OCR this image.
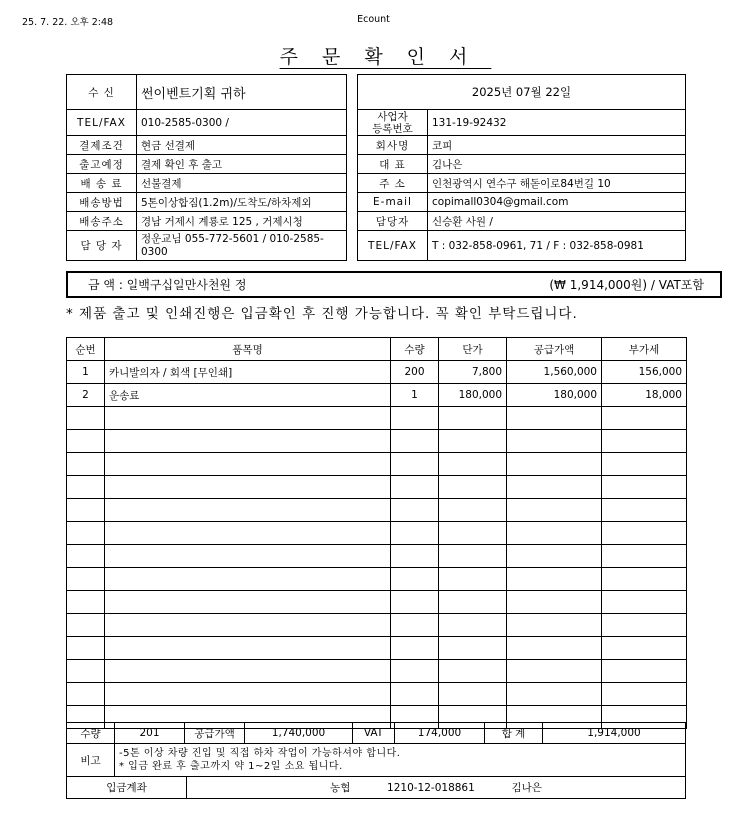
25. 7. 22. 오후 2:48	Ecount
주문확인서
수 신	썬이벤트기획 귀하
TEL/FAX	010-2585-0300 /
결제조건	현금 선결제
출고예정	결제 확인 후 출고
배 송 료	선불결제
배송방법	5톤이상합짐(1.2m)/도착도/하차제외
배송주소	경남 거제시 계룡로 125 , 거제시청
담 당 자	정운교님 055-772-5601 / 010-2585-0300
2025년 07월 22일	
사업자
등록번호	131-19-92432
회사명	코피
대 표	김나은
주 소	인천광역시 연수구 해돋이로84번길 10
E-mail	copimall0304@gmail.com
담당자	신승환 사원 /
TEL/FAX	T : 032-858-0961, 71 / F : 032-858-0981
금 액 : 일백구십일만사천원 정	(₩ 1,914,000원) / VAT포함
* 제품 출고 및 인쇄진행은 입금확인 후 진행 가능합니다. 꼭 확인 부탁드립니다.
순번	품목명	수량	단가	공급가액	부가세
1	카니발의자 / 회색 [무인쇄]	200	7,800	1,560,000	156,000
2	운송료	1	180,000	180,000	18,000

수량	201	공급가액	1,740,000	VAT	174,000	합 계	1,914,000
비고	
-5톤 이상 차량 진입 및 직접 하차 작업이 가능하셔야 합니다.
* 입금 완료 후 출고까지 약 1~2일 소요 됩니다.
입금계좌	농협	1210-12-018861	김나은
